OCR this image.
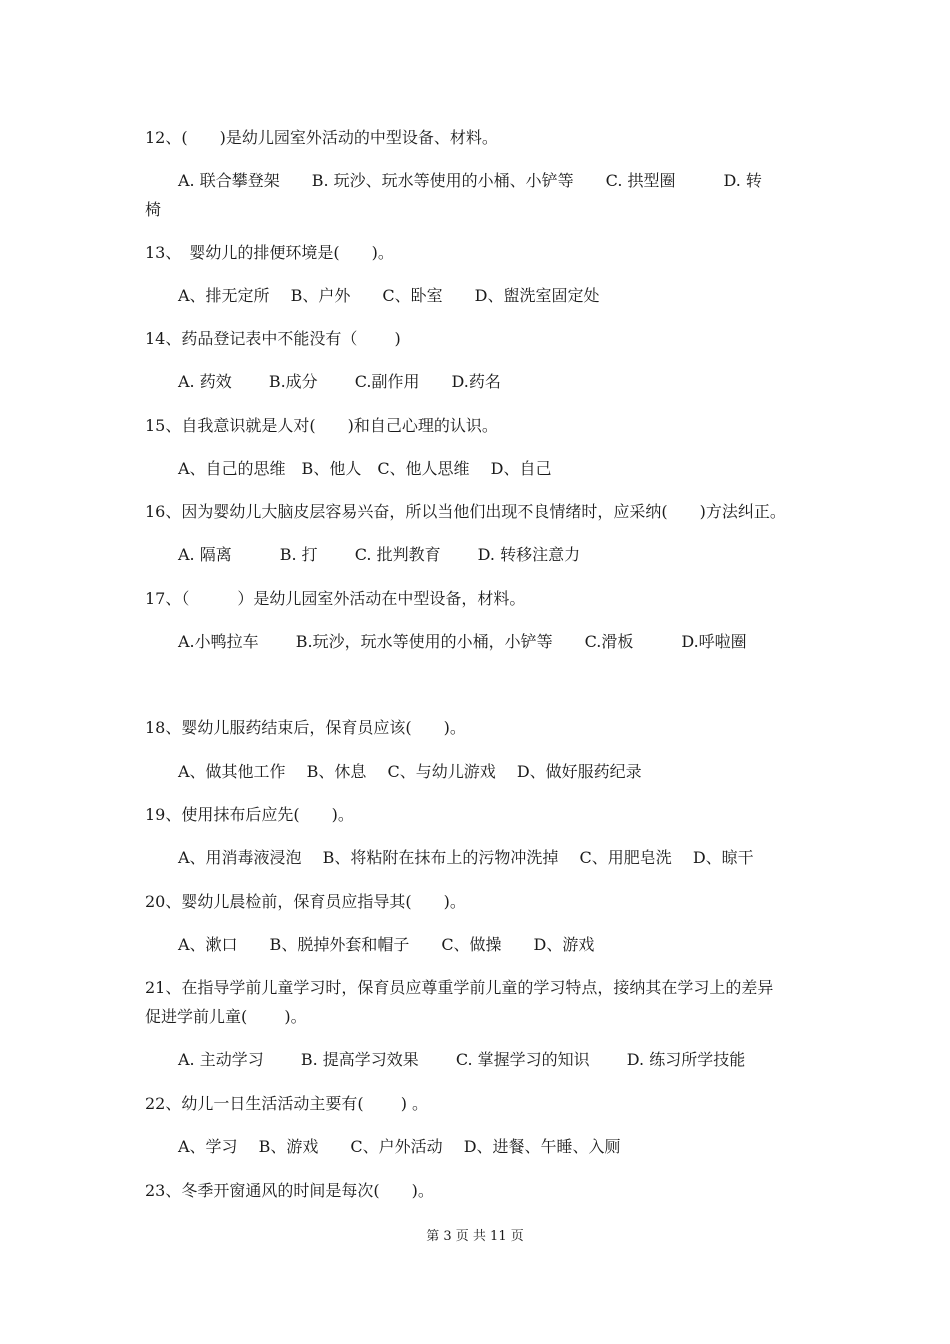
12、(　　)是幼儿园室外活动的中型设备、材料。
A. 联合攀登架　　B. 玩沙、玩水等使用的小桶、小铲等　　C. 拱型圈　　　D. 转
椅
13、　婴幼儿的排便环境是(　　)。
A、排无定所　 B、户外　　C、卧室　　D、盥洗室固定处
14、药品登记表中不能没有（　　 )
A. 药效　　 B.成分　　 C.副作用　　D.药名
15、自我意识就是人对(　　)和自己心理的认识。
A、自己的思维　B、他人　C、他人思维　 D、自己
16、因为婴幼儿大脑皮层容易兴奋，所以当他们出现不良情绪时，应采纳(　　)方法纠正。
A. 隔离　　　B. 打　　 C. 批判教育　　 D. 转移注意力
17、（　　　）是幼儿园室外活动在中型设备，材料。
A.小鸭拉车　　 B.玩沙，玩水等使用的小桶，小铲等　　C.滑板　　　D.呼啦圈
18、婴幼儿服药结束后，保育员应该(　　)。
A、做其他工作　 B、休息　 C、与幼儿游戏　 D、做好服药纪录
19、使用抹布后应先(　　)。
A、用消毒液浸泡　 B、将粘附在抹布上的污物冲洗掉　 C、用肥皂洗　 D、晾干
20、婴幼儿晨检前，保育员应指导其(　　)。
A、漱口　　B、脱掉外套和帽子　　C、做操　　D、游戏
21、在指导学前儿童学习时，保育员应尊重学前儿童的学习特点，接纳其在学习上的差异
促进学前儿童(　　 )。
A. 主动学习　　 B. 提高学习效果　　 C. 掌握学习的知识　　 D. 练习所学技能
22、幼儿一日生活活动主要有(　　 ) 。
A、学习　 B、游戏　　C、户外活动　 D、进餐、午睡、入厕
23、冬季开窗通风的时间是每次(　　)。
第 3 页 共 11 页
